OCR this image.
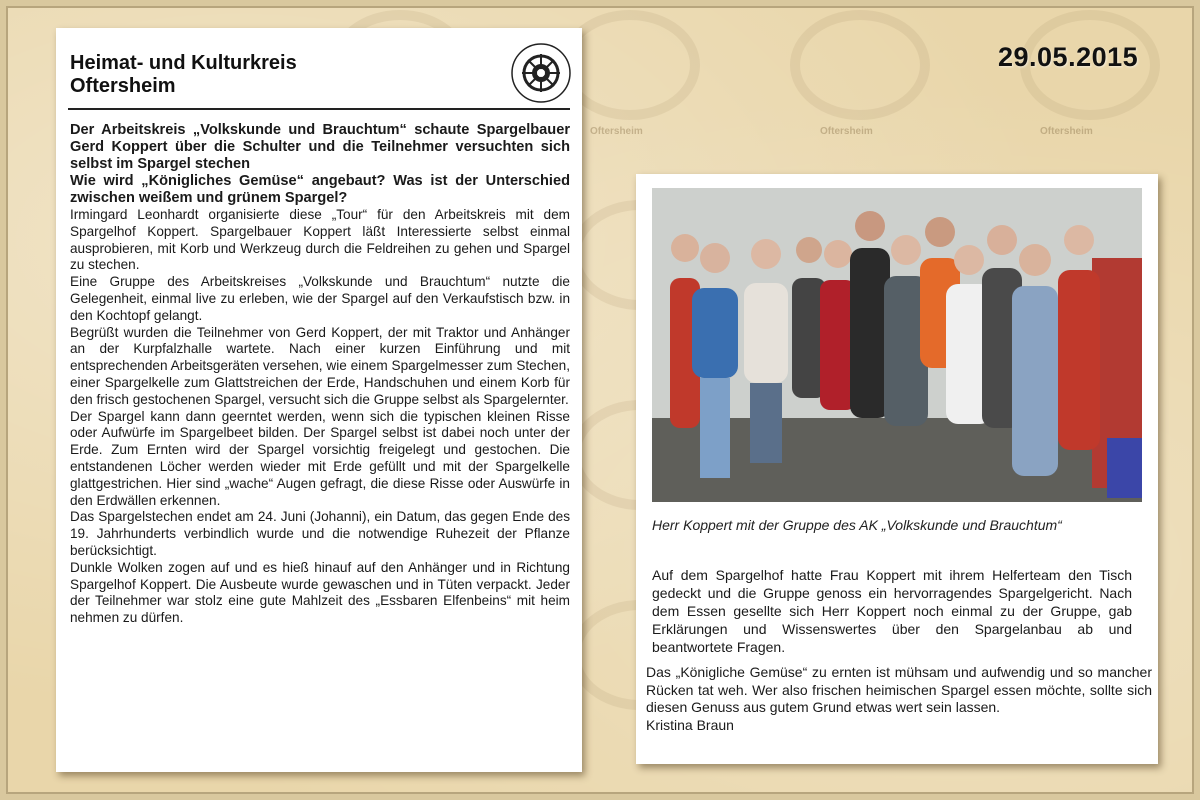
Oftersheim	Oftersheim	Oftersheim
29.05.2015
Heimat- und Kulturkreis
Oftersheim

Der Arbeitskreis „Volkskunde und Brauchtum“ schaute Spargelbauer Gerd Koppert über die Schulter und die Teilnehmer versuchten sich selbst im Spargel stechen

Wie wird „Königliches Gemüse“ angebaut? Was ist der Unterschied zwischen weißem und grünem Spargel?

Irmingard Leonhardt organisierte diese „Tour“ für den Arbeitskreis mit dem Spargelhof Koppert. Spargelbauer Koppert läßt Interessierte selbst einmal ausprobieren, mit Korb und Werkzeug durch die Feldreihen zu gehen und Spargel zu stechen.

Eine Gruppe des Arbeitskreises „Volkskunde und Brauchtum“ nutzte die Gelegenheit, einmal live zu erleben, wie der Spargel auf den Verkaufstisch bzw. in den Kochtopf gelangt.

Begrüßt wurden die Teilnehmer von Gerd Koppert, der mit Traktor und Anhänger an der Kurpfalzhalle wartete. Nach einer kurzen Einführung und mit entsprechenden Arbeitsgeräten versehen, wie einem Spargelmesser zum Stechen, einer Spargelkelle zum Glattstreichen der Erde, Handschuhen und einem Korb für den frisch gestochenen Spargel, versucht sich die Gruppe selbst als Spargelernter.

Der Spargel kann dann geerntet werden, wenn sich die typischen kleinen Risse oder Aufwürfe im Spargelbeet bilden. Der Spargel selbst ist dabei noch unter der Erde. Zum Ernten wird der Spargel vorsichtig freigelegt und gestochen. Die entstandenen Löcher werden wieder mit Erde gefüllt und mit der Spargelkelle glattgestrichen. Hier sind „wache“ Augen gefragt, die diese Risse oder Auswürfe in den Erdwällen erkennen.

Das Spargelstechen endet am 24. Juni (Johanni), ein Datum, das gegen Ende des 19. Jahrhunderts verbindlich wurde und die notwendige Ruhezeit der Pflanze berücksichtigt.

Dunkle Wolken zogen auf und es hieß hinauf auf den Anhänger und in Richtung Spargelhof Koppert. Die Ausbeute wurde gewaschen und in Tüten verpackt. Jeder der Teilnehmer war stolz eine gute Mahlzeit des „Essbaren Elfenbeins“ mit heim nehmen zu dürfen.

Herr Koppert mit der Gruppe des AK „Volkskunde und Brauchtum“

Auf dem Spargelhof hatte Frau Koppert mit ihrem Helferteam den Tisch gedeckt und die Gruppe genoss ein hervorragendes Spargelgericht. Nach dem Essen gesellte sich Herr Koppert noch einmal zu der Gruppe, gab Erklärungen und Wissenswertes über den Spargelanbau ab und beantwortete Fragen.

Das „Königliche Gemüse“ zu ernten ist mühsam und aufwendig und so mancher Rücken tat weh. Wer also frischen heimischen Spargel essen möchte, sollte sich diesen Genuss aus gutem Grund etwas wert sein lassen.

Kristina Braun
